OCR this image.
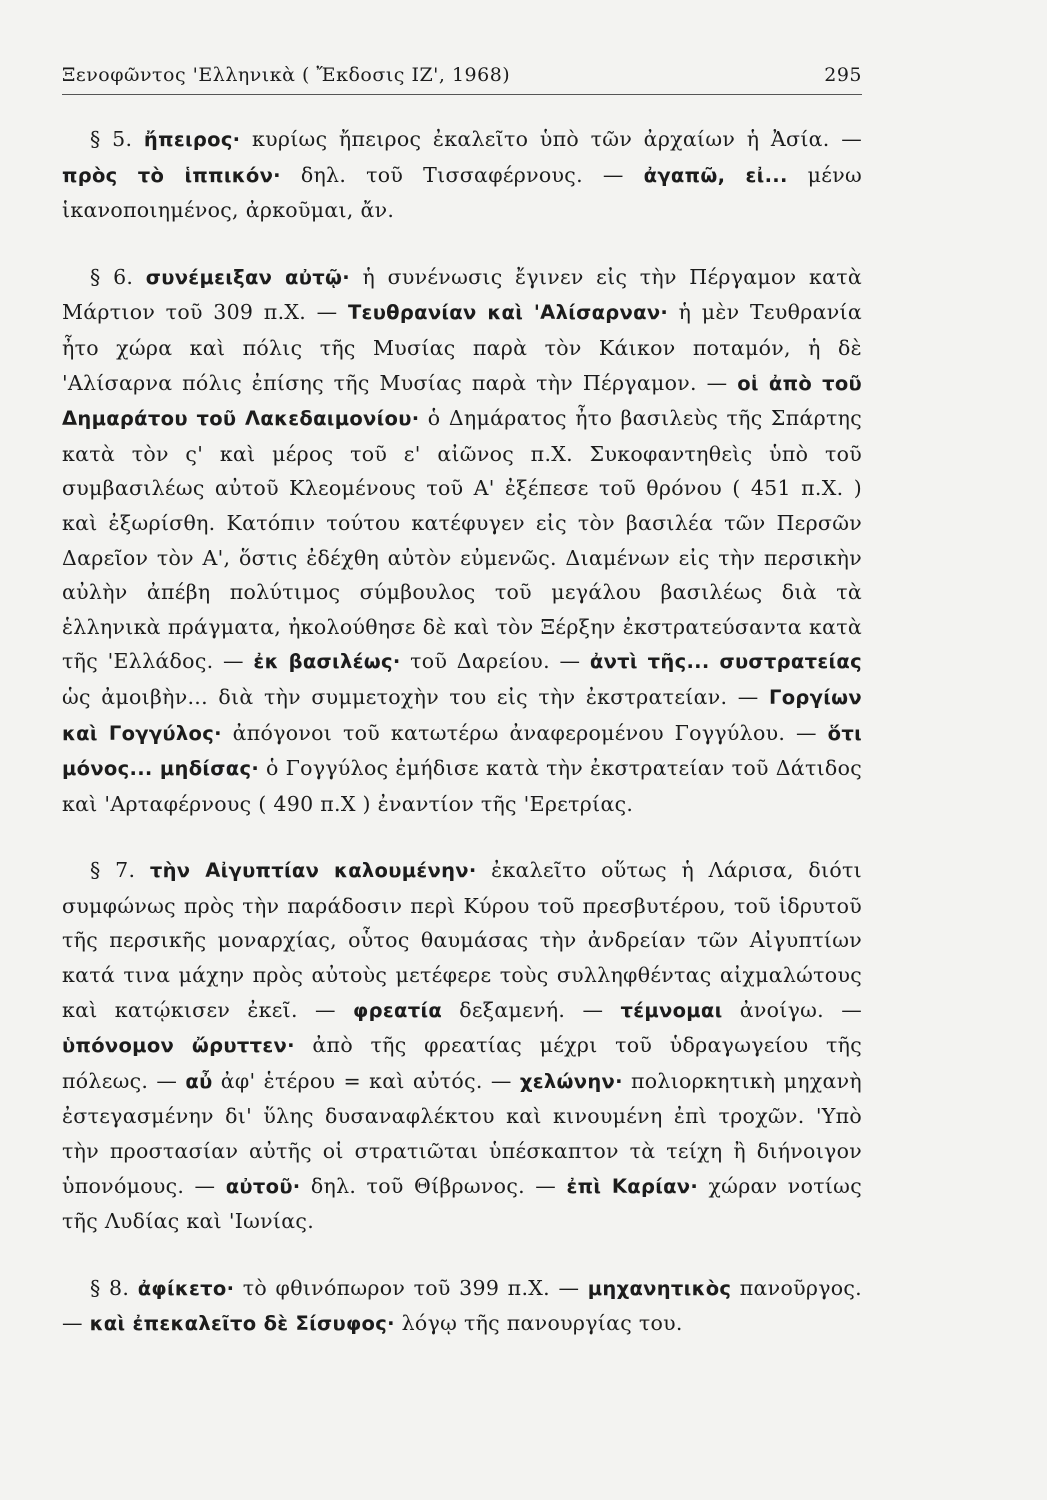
Ξενοφῶντος 'Ελληνικὰ ( Ἔκδοσις ΙΖ', 1968)	295

§ 5. ἤπειρος· κυρίως ἤπειρος ἐκαλεῖτο ὑπὸ τῶν ἀρχαίων ἡ Ἀσία. — πρὸς τὸ ἱππικόν· δηλ. τοῦ Τισσαφέρνους. — ἀγαπῶ, εἰ... μένω ἱκανοποιημένος, ἀρκοῦμαι, ἄν.

§ 6. συνέμειξαν αὐτῷ· ἡ συνένωσις ἔγινεν εἰς τὴν Πέργαμον κατὰ Μάρτιον τοῦ 309 π.Χ. — Τευθρανίαν καὶ 'Αλίσαρναν· ἡ μὲν Τευθρανία ἦτο χώρα καὶ πόλις τῆς Μυσίας παρὰ τὸν Κάικον ποταμόν, ἡ δὲ 'Αλίσαρνα πόλις ἐπίσης τῆς Μυσίας παρὰ τὴν Πέργαμον. — οἱ ἀπὸ τοῦ Δημαράτου τοῦ Λακεδαιμονίου· ὁ Δημάρατος ἦτο βασιλεὺς τῆς Σπάρτης κατὰ τὸν ς' καὶ μέρος τοῦ ε' αἰῶνος π.Χ. Συκοφαντηθεὶς ὑπὸ τοῦ συμβασιλέως αὐτοῦ Κλεομένους τοῦ Α' ἐξέπεσε τοῦ θρόνου ( 451 π.Χ. ) καὶ ἐξωρίσθη. Κατόπιν τούτου κατέφυγεν εἰς τὸν βασιλέα τῶν Περσῶν Δαρεῖον τὸν Α', ὅστις ἐδέχθη αὐτὸν εὐμενῶς. Διαμένων εἰς τὴν περσικὴν αὐλὴν ἀπέβη πολύτιμος σύμβουλος τοῦ μεγάλου βασιλέως διὰ τὰ ἑλληνικὰ πράγματα, ἠκολούθησε δὲ καὶ τὸν Ξέρξην ἐκστρατεύσαντα κατὰ τῆς 'Ελλάδος. — ἐκ βασιλέως· τοῦ Δαρείου. — ἀντὶ τῆς... συστρατείας ὡς ἀμοιβὴν... διὰ τὴν συμμετοχὴν του εἰς τὴν ἐκστρατείαν. — Γοργίων καὶ Γογγύλος· ἀπόγονοι τοῦ κατωτέρω ἀναφερομένου Γογγύλου. — ὅτι μόνος... μηδίσας· ὁ Γογγύλος ἐμήδισε κατὰ τὴν ἐκστρατείαν τοῦ Δάτιδος καὶ 'Αρταφέρνους ( 490 π.Χ ) ἐναντίον τῆς 'Ερετρίας.

§ 7. τὴν Αἰγυπτίαν καλουμένην· ἐκαλεῖτο οὕτως ἡ Λάρισα, διότι συμφώνως πρὸς τὴν παράδοσιν περὶ Κύρου τοῦ πρεσβυτέρου, τοῦ ἱδρυτοῦ τῆς περσικῆς μοναρχίας, οὗτος θαυμάσας τὴν ἀνδρείαν τῶν Αἰγυπτίων κατά τινα μάχην πρὸς αὐτοὺς μετέφερε τοὺς συλληφθέντας αἰχμαλώτους καὶ κατῴκισεν ἐκεῖ. — φρεατία δεξαμενή. — τέμνομαι ἀνοίγω. — ὑπόνομον ὤρυττεν· ἀπὸ τῆς φρεατίας μέχρι τοῦ ὑδραγωγείου τῆς πόλεως. — αὖ ἀφ' ἑτέρου = καὶ αὐτός. — χελώνην· πολιορκητικὴ μηχανὴ ἐστεγασμένην δι' ὕλης δυσαναφλέκτου καὶ κινουμένη ἐπὶ τροχῶν. 'Υπὸ τὴν προστασίαν αὐτῆς οἱ στρατιῶται ὑπέσκαπτον τὰ τείχη ἢ διήνοιγον ὑπονόμους. — αὐτοῦ· δηλ. τοῦ Θίβρωνος. — ἐπὶ Καρίαν· χώραν νοτίως τῆς Λυδίας καὶ 'Ιωνίας.

§ 8. ἀφίκετο· τὸ φθινόπωρον τοῦ 399 π.Χ. — μηχανητικὸς πανοῦργος. — καὶ ἐπεκαλεῖτο δὲ Σίσυφος· λόγῳ τῆς πανουργίας του.
